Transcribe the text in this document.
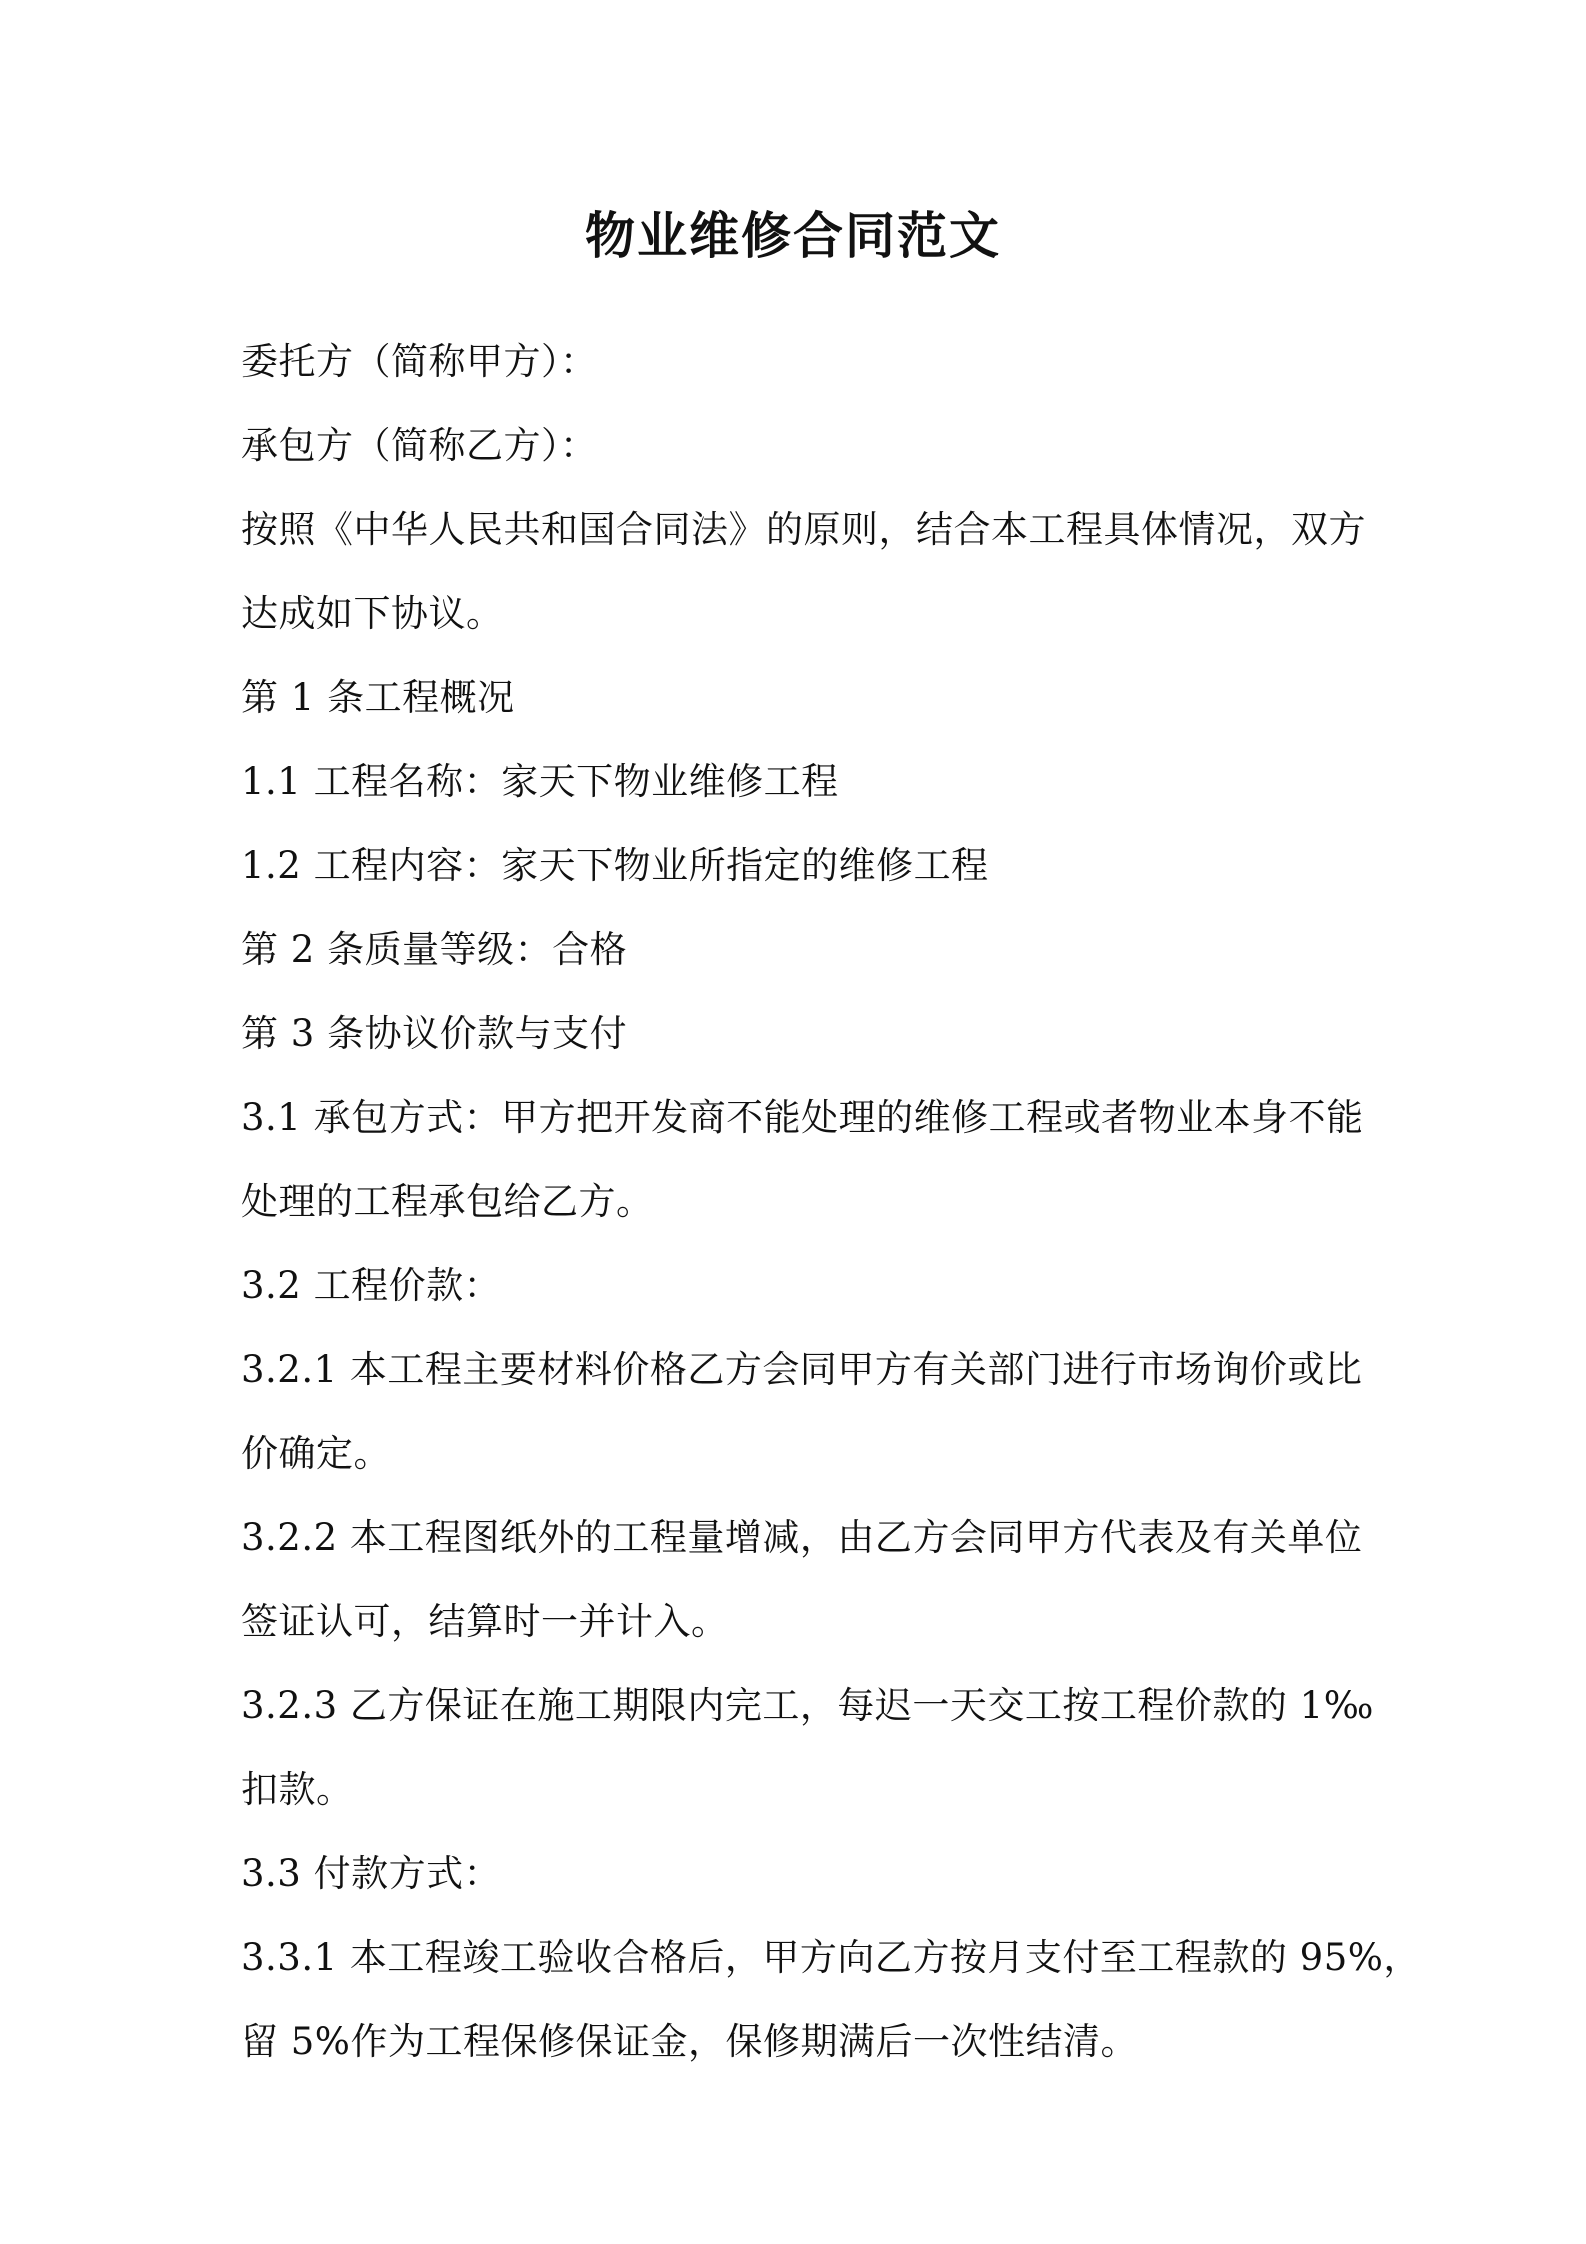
物业维修合同范文
委托方（简称甲方）：
承包方（简称乙方）：
按照《中华人民共和国合同法》的原则，结合本工程具体情况，双方
达成如下协议。
第 1 条工程概况
1.1 工程名称：家天下物业维修工程
1.2 工程内容：家天下物业所指定的维修工程
第 2 条质量等级：合格
第 3 条协议价款与支付
3.1 承包方式：甲方把开发商不能处理的维修工程或者物业本身不能
处理的工程承包给乙方。
3.2 工程价款：
3.2.1 本工程主要材料价格乙方会同甲方有关部门进行市场询价或比
价确定。
3.2.2 本工程图纸外的工程量增减，由乙方会同甲方代表及有关单位
签证认可，结算时一并计入。
3.2.3 乙方保证在施工期限内完工，每迟一天交工按工程价款的 1‰
扣款。
3.3 付款方式：
3.3.1 本工程竣工验收合格后，甲方向乙方按月支付至工程款的 95%，
留 5%作为工程保修保证金，保修期满后一次性结清。
